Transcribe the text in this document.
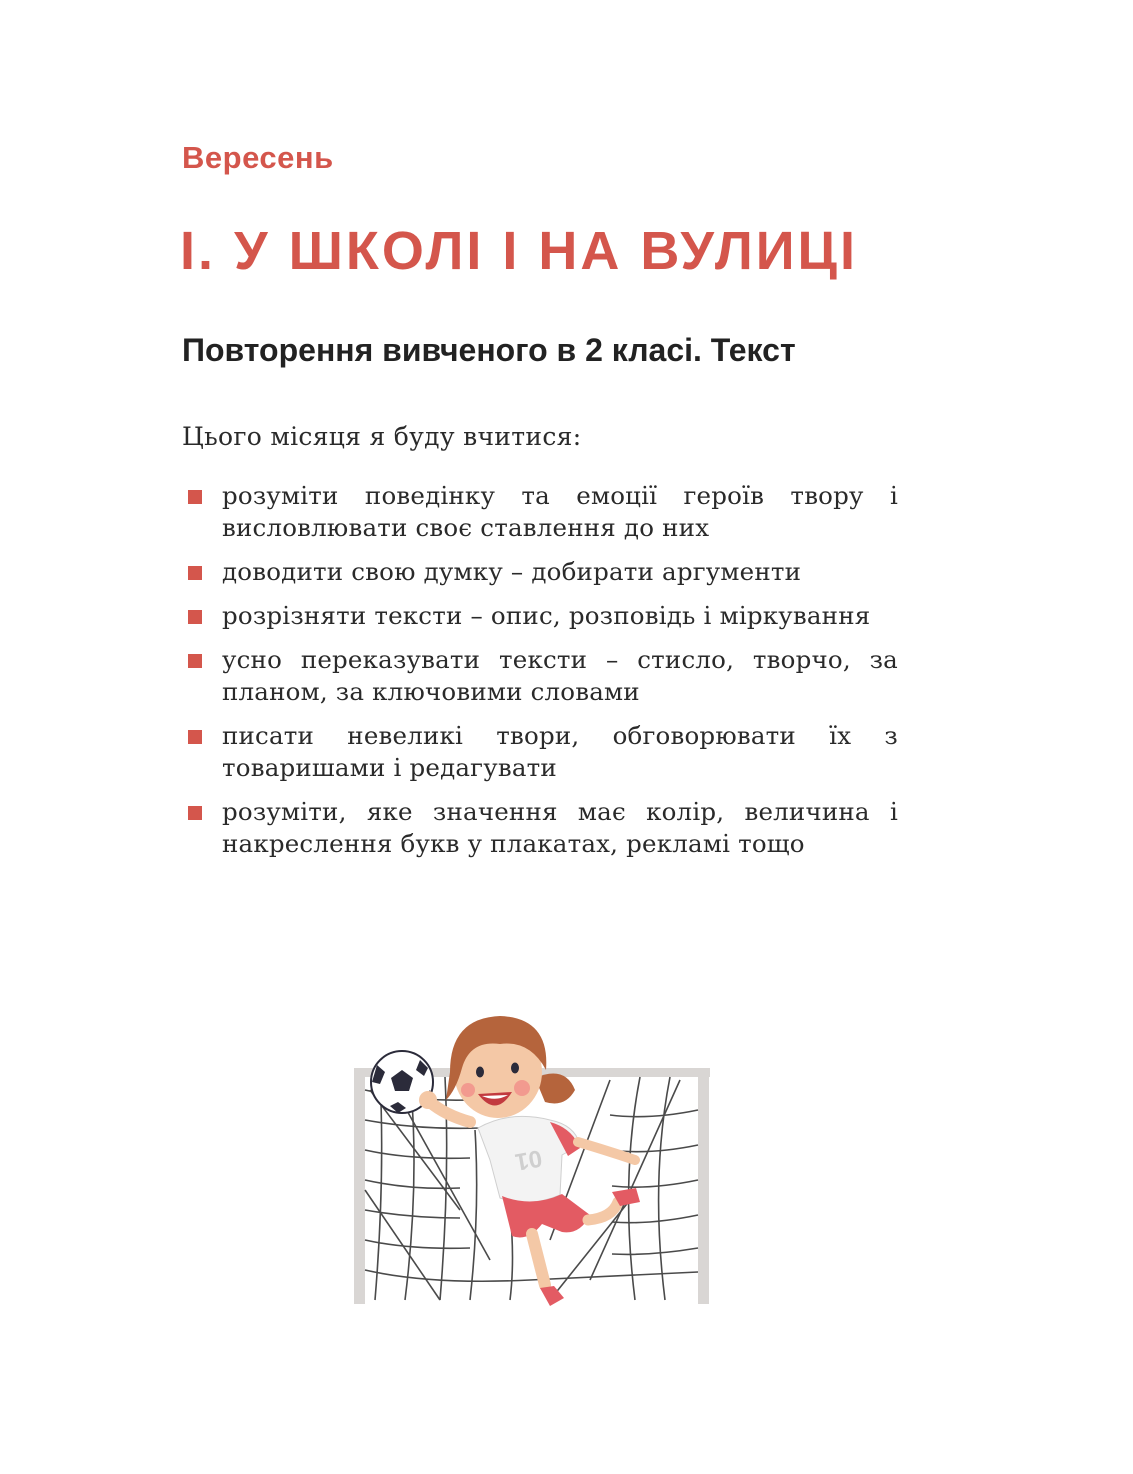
Вересень
І. У ШКОЛІ І НА ВУЛИЦІ
Повторення вивченого в 2 класі. Текст

Цього місяця я буду вчитися:

розуміти поведінку та емоції героїв твору і висловлювати своє ставлення до них
доводити свою думку – добирати аргументи
розрізняти тексти – опис, розповідь і міркування
усно переказувати тексти – стисло, творчо, за планом, за ключовими словами
писати невеликі твори, обговорювати їх з товаришами і редагувати
розуміти, яке значення має колір, величина і накреслення букв у плакатах, рекламі тощо
01
